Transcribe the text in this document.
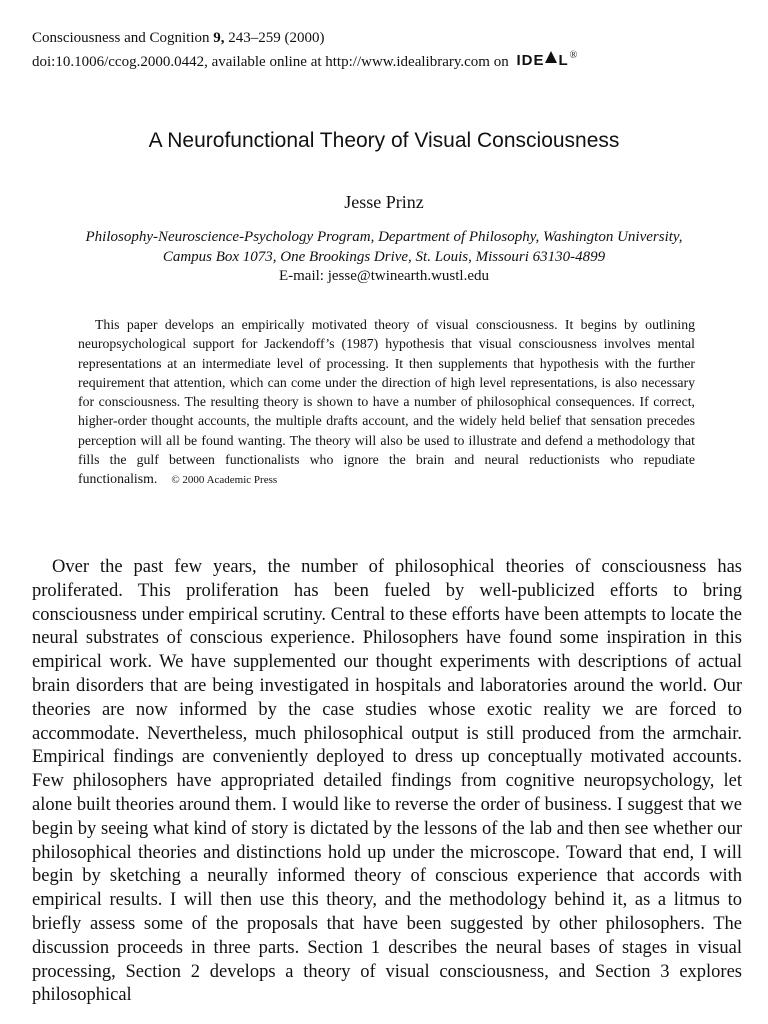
Consciousness and Cognition 9, 243–259 (2000)
doi:10.1006/ccog.2000.0442, available online at http://www.idealibrary.com on IDE L ®
A Neurofunctional Theory of Visual Consciousness
Jesse Prinz
Philosophy-Neuroscience-Psychology Program, Department of Philosophy, Washington University,
Campus Box 1073, One Brookings Drive, St. Louis, Missouri 63130-4899
E-mail: jesse@twinearth.wustl.edu
This paper develops an empirically motivated theory of visual consciousness. It begins by outlining neuropsychological support for Jackendoff’s (1987) hypothesis that visual consciousness involves mental representations at an intermediate level of processing. It then supplements that hypothesis with the further requirement that attention, which can come under the direction of high level representations, is also necessary for consciousness. The resulting theory is shown to have a number of philosophical consequences. If correct, higher-order thought accounts, the multiple drafts account, and the widely held belief that sensation precedes perception will all be found wanting. The theory will also be used to illustrate and defend a methodology that fills the gulf between functionalists who ignore the brain and neural reductionists who repudiate functionalism. © 2000 Academic Press
Over the past few years, the number of philosophical theories of consciousness has proliferated. This proliferation has been fueled by well-publicized efforts to bring consciousness under empirical scrutiny. Central to these efforts have been attempts to locate the neural substrates of conscious experience. Philosophers have found some inspiration in this empirical work. We have supplemented our thought experiments with descriptions of actual brain disorders that are being investigated in hospitals and laboratories around the world. Our theories are now informed by the case studies whose exotic reality we are forced to accommodate. Nevertheless, much philosophical output is still produced from the armchair. Empirical findings are conveniently deployed to dress up conceptually motivated accounts. Few philosophers have appropriated detailed findings from cognitive neuropsychology, let alone built theories around them. I would like to reverse the order of business. I suggest that we begin by seeing what kind of story is dictated by the lessons of the lab and then see whether our philosophical theories and distinctions hold up under the microscope. Toward that end, I will begin by sketching a neurally informed theory of conscious experience that accords with empirical results. I will then use this theory, and the methodology behind it, as a litmus to briefly assess some of the proposals that have been suggested by other philosophers. The discussion proceeds in three parts. Section 1 describes the neural bases of stages in visual processing, Section 2 develops a theory of visual consciousness, and Section 3 explores philosophical
